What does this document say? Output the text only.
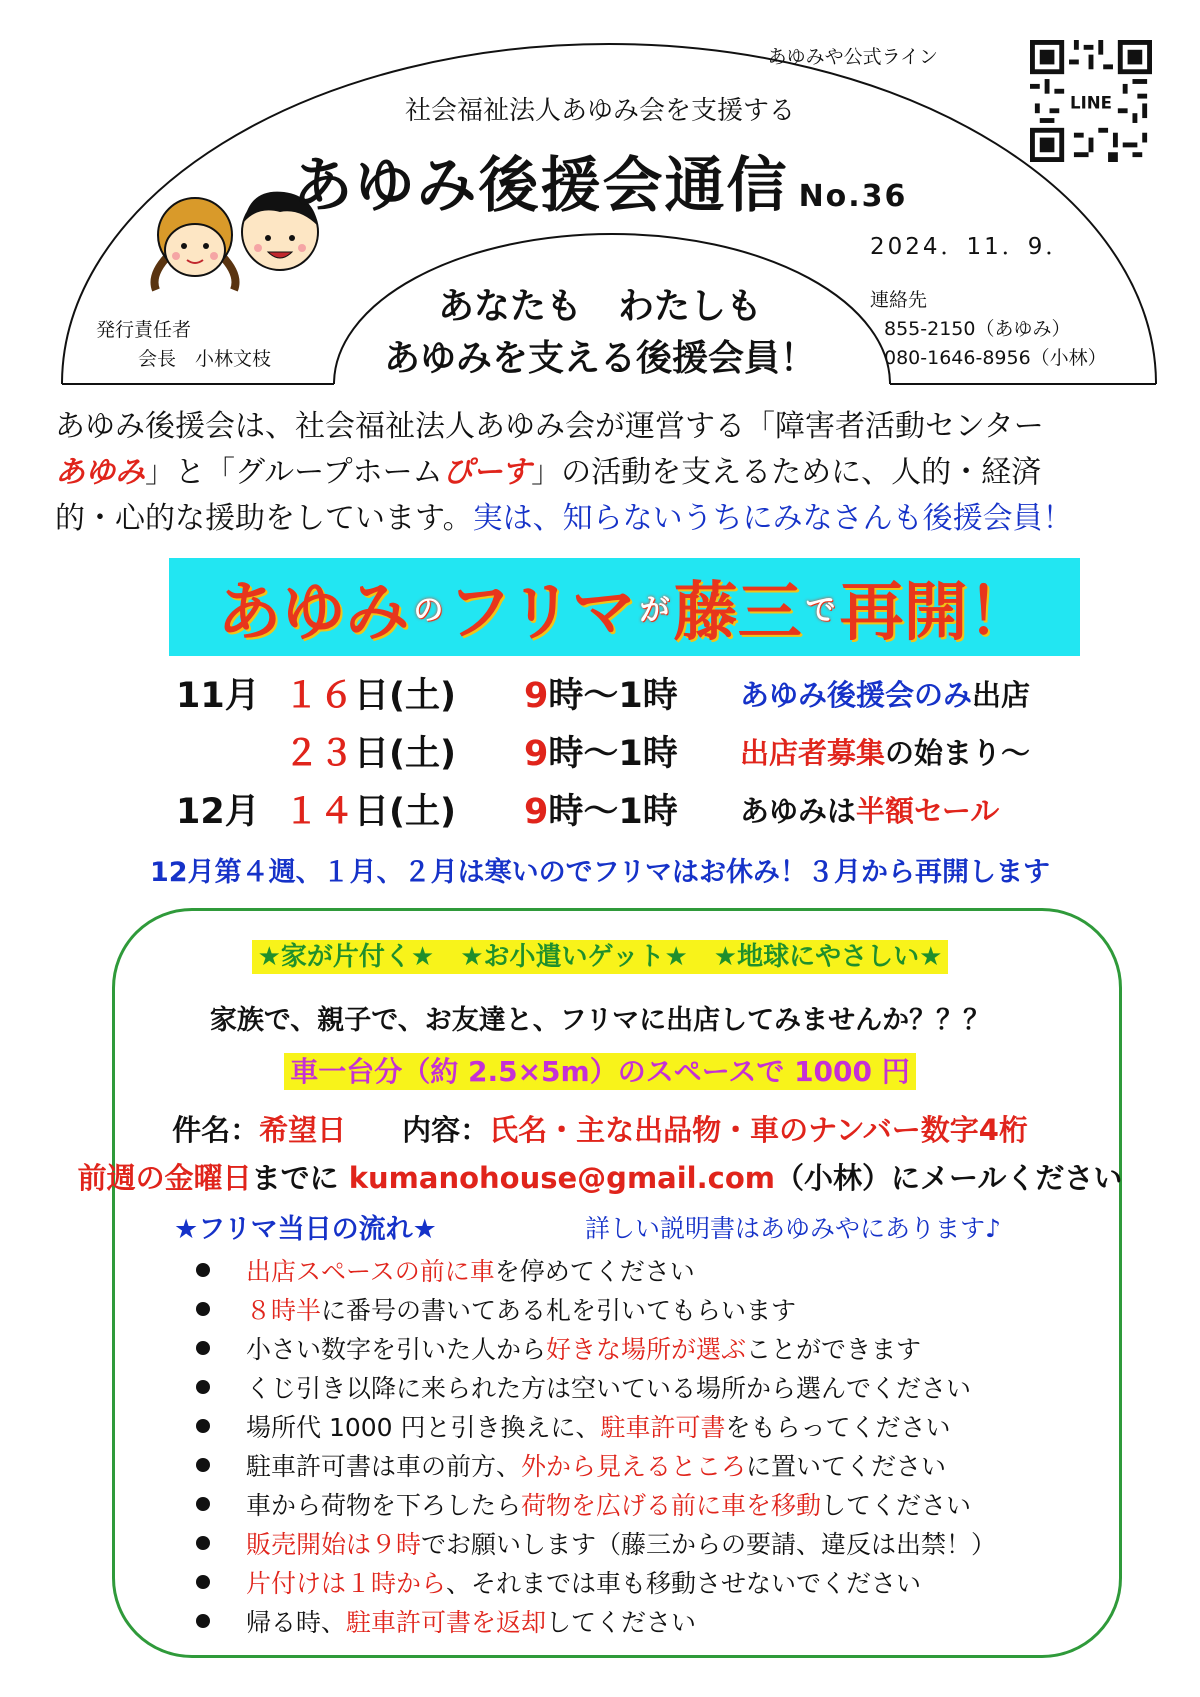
あゆみや公式ライン
LINE
社会福祉法人あゆみ会を支援する
あゆみ後援会通信 No.36
2024．11．9．
あなたも　わたしも
あゆみを支える後援会員！
発行責任者
会長　小林文枝
連絡先
855-2150（あゆみ）
080-1646-8956（小林）
あゆみ後援会は、社会福祉法人あゆみ会が運営する「障害者活動センター
あゆみ」と「グループホームぴーす」の活動を支えるために、人的・経済
的・心的な援助をしています。実は、知らないうちにみなさんも後援会員！
あゆみ の フリマ が 藤三 で 再開！
11月 １６日(土) 9時～1時 あゆみ後援会のみ出店
２３日(土) 9時～1時 出店者募集の始まり～
12月 １４日(土) 9時～1時 あゆみは半額セール
12月第４週、１月、２月は寒いのでフリマはお休み！３月から再開します
★家が片付く★　★お小遣いゲット★　★地球にやさしい★
家族で、親子で、お友達と、フリマに出店してみませんか？？？
車一台分（約 2.5×5m）のスペースで 1000 円
件名：希望日 内容：氏名・主な出品物・車のナンバー数字4桁
前週の金曜日までに kumanohouse@gmail.com（小林）にメールください
★フリマ当日の流れ★	詳しい説明書はあゆみやにあります♪
出店スペースの前に車 を停めてください
８時半 に番号の書いてある札を引いてもらいます
小さい数字を引いた人から 好きな場所が選ぶ ことができます
くじ引き以降に来られた方は空いている場所から選んでください
場所代 1000 円と引き換えに、 駐車許可書 をもらってください
駐車許可書は車の前方、 外から見えるところ に置いてください
車から荷物を下ろしたら 荷物を広げる前に車を移動 してください
販売開始は９時 でお願いします（藤三からの要請、違反は出禁！）
片付けは１時から 、それまでは車も移動させないでください
帰る時、 駐車許可書を返却 してください
